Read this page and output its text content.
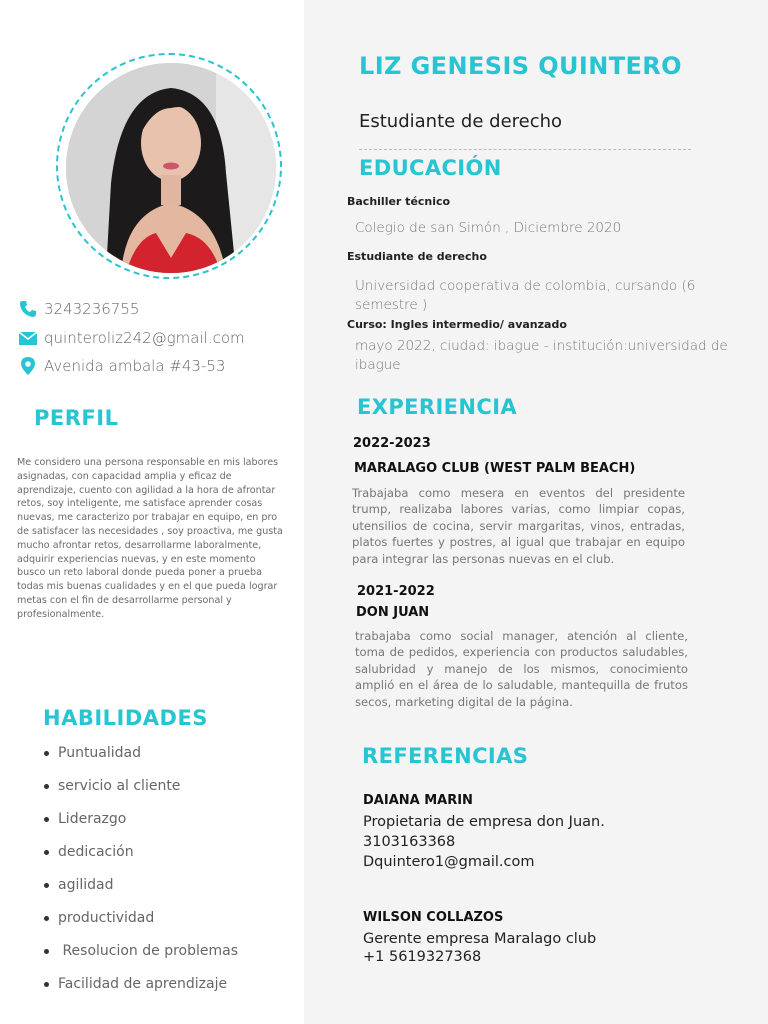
3243236755
quinteroliz242@gmail.com
Avenida ambala #43-53
PERFIL
Me considero una persona responsable en mis labores asignadas, con capacidad amplia y eficaz de aprendizaje, cuento con agilidad a la hora de afrontar retos, soy inteligente, me satisface aprender cosas nuevas, me caracterizo por trabajar en equipo, en pro de satisfacer las necesidades , soy proactiva, me gusta mucho afrontar retos, desarrollarme laboralmente, adquirir experiencias nuevas, y en este momento busco un reto laboral donde pueda poner a prueba todas mis buenas cualidades y en el que pueda lograr metas con el fin de desarrollarme personal y profesionalmente.
HABILIDADES
Puntualidad
servicio al cliente
Liderazgo
dedicación
agilidad
productividad
Resolucion de problemas
Facilidad de aprendizaje
LIZ GENESIS QUINTERO
Estudiante de derecho
EDUCACIÓN
Bachiller técnico
Colegio de san Simón , Diciembre 2020
Estudiante de derecho
Universidad cooperativa de colombia, cursando (6 semestre )
Curso: Ingles intermedio/ avanzado
mayo 2022, ciudad: ibague - institución:universidad de ibague
EXPERIENCIA
2022-2023
MARALAGO CLUB (WEST PALM BEACH)
Trabajaba como mesera en eventos del presidente trump, realizaba labores varias, como limpiar copas, utensilios de cocina, servir margaritas, vinos, entradas, platos fuertes y postres, al igual que trabajar en equipo para integrar las personas nuevas en el club.
2021-2022
DON JUAN
trabajaba como social manager, atención al cliente, toma de pedidos, experiencia con productos saludables, salubridad y manejo de los mismos, conocimiento amplió en el área de lo saludable, mantequilla de frutos secos, marketing digital de la página.
REFERENCIAS
DAIANA MARIN
Propietaria de empresa don Juan.
3103163368
Dquintero1@gmail.com
WILSON COLLAZOS
Gerente empresa Maralago club
+1 5619327368
